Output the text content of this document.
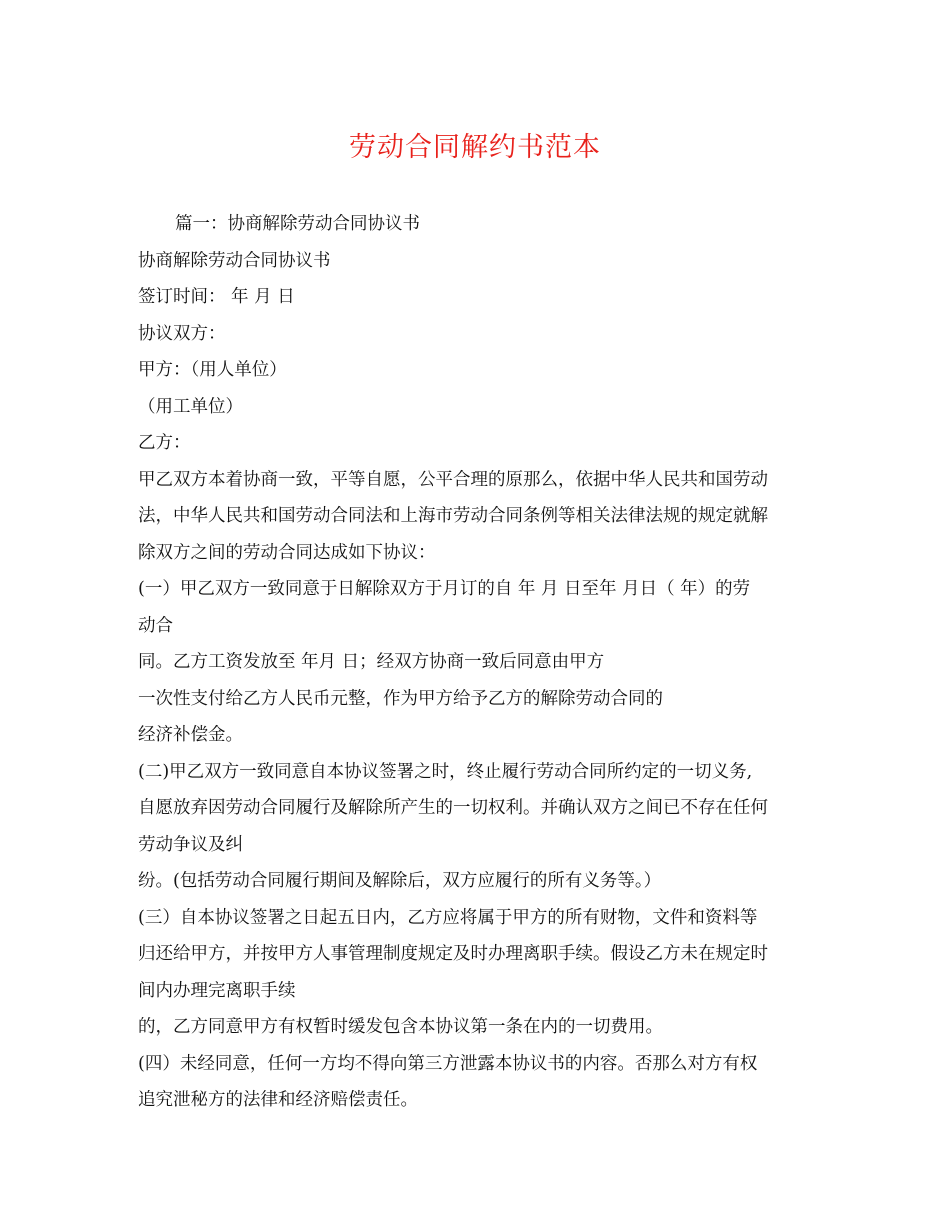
劳动合同解约书范本
篇一：协商解除劳动合同协议书
协商解除劳动合同协议书
签订时间： 年 月 日
协议双方：
甲方：（用人单位）
（用工单位）
乙方：
甲乙双方本着协商一致，平等自愿，公平合理的原那么，依据中华人民共和国劳动
法，中华人民共和国劳动合同法和上海市劳动合同条例等相关法律法规的规定就解
除双方之间的劳动合同达成如下协议：
(一）甲乙双方一致同意于日解除双方于月订的自 年 月 日至年 月日（ 年）的劳
动合
同。乙方工资发放至 年月 日；经双方协商一致后同意由甲方
一次性支付给乙方人民币元整，作为甲方给予乙方的解除劳动合同的
经济补偿金。
(二)甲乙双方一致同意自本协议签署之时，终止履行劳动合同所约定的一切义务,
自愿放弃因劳动合同履行及解除所产生的一切权利。并确认双方之间已不存在任何
劳动争议及纠
纷。(包括劳动合同履行期间及解除后，双方应履行的所有义务等。）
(三）自本协议签署之日起五日内，乙方应将属于甲方的所有财物，文件和资料等
归还给甲方，并按甲方人事管理制度规定及时办理离职手续。假设乙方未在规定时
间内办理完离职手续
的，乙方同意甲方有权暂时缓发包含本协议第一条在内的一切费用。
(四）未经同意，任何一方均不得向第三方泄露本协议书的内容。否那么对方有权
追究泄秘方的法律和经济赔偿责任。
